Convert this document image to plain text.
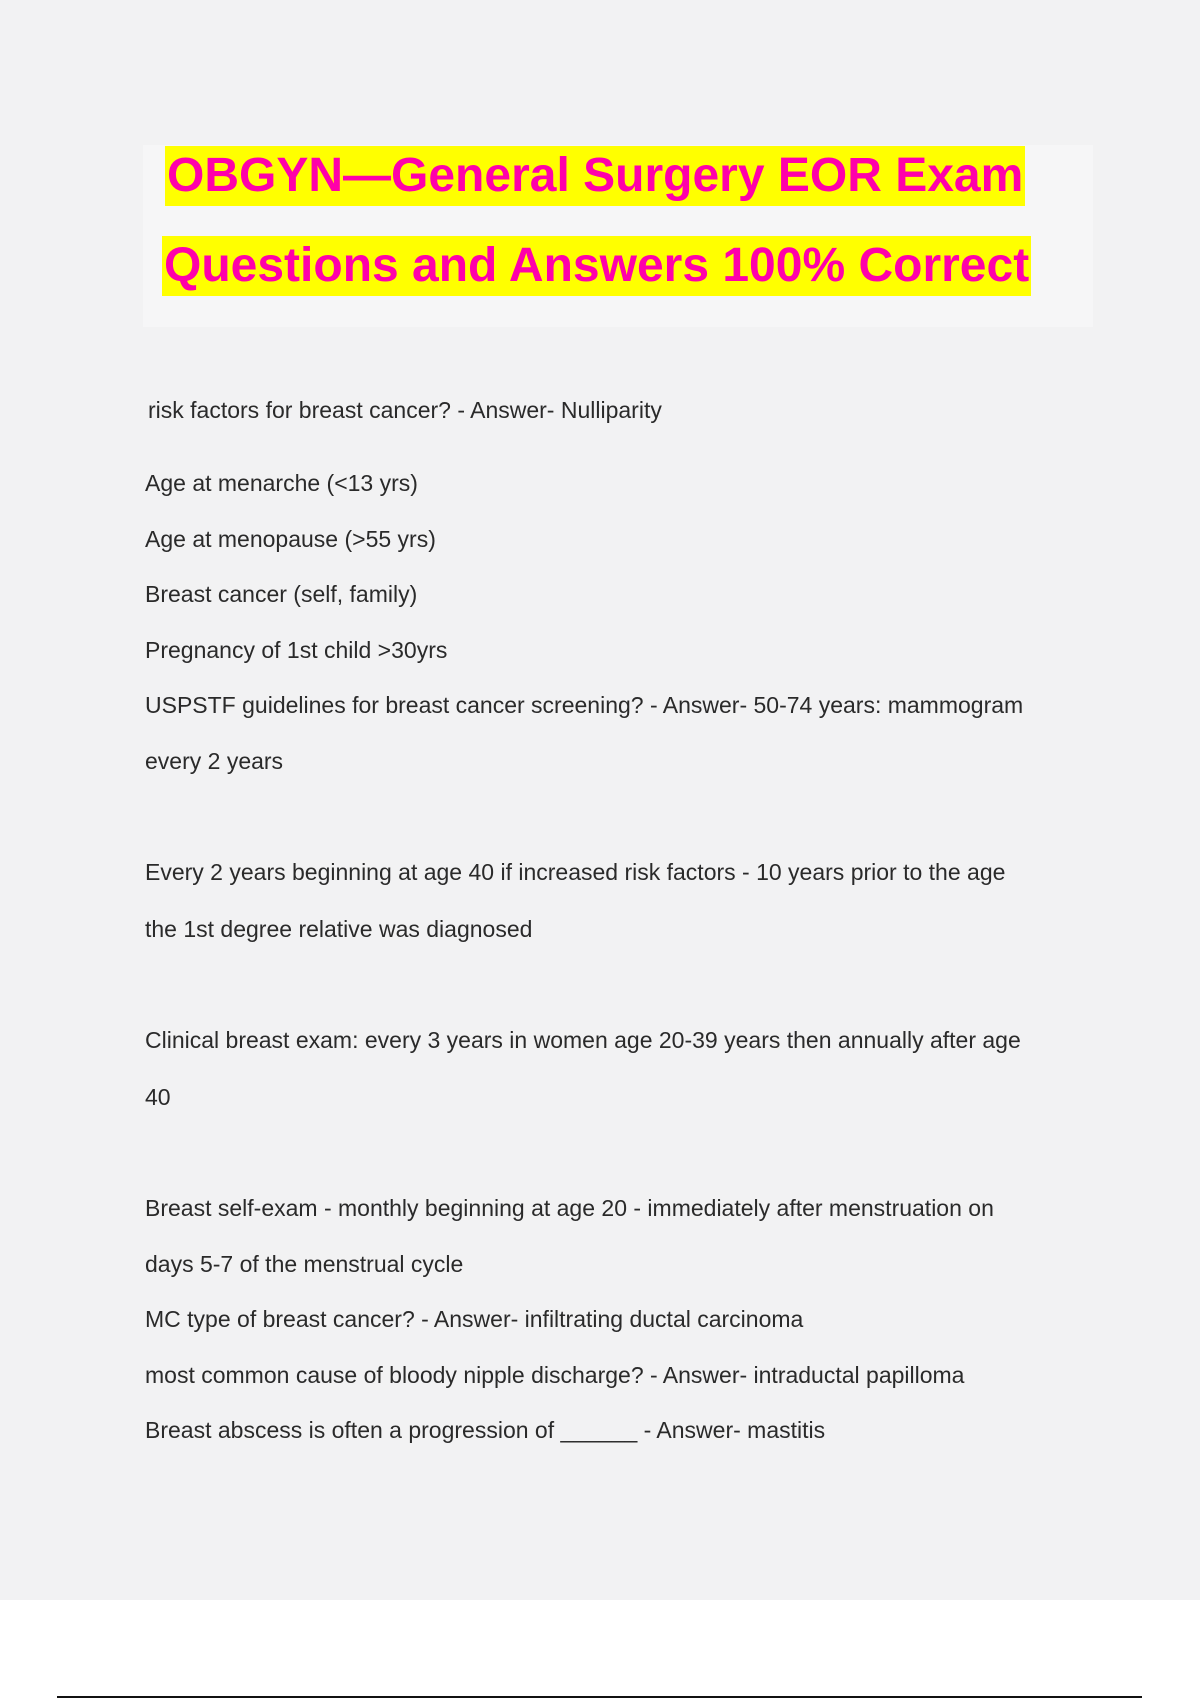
OBGYN—General Surgery EOR Exam
Questions and Answers 100% Correct
risk factors for breast cancer? - Answer- Nulliparity
Age at menarche (<13 yrs)
Age at menopause (>55 yrs)
Breast cancer (self, family)
Pregnancy of 1st child >30yrs
USPSTF guidelines for breast cancer screening? - Answer- 50-74 years: mammogram
every 2 years
Every 2 years beginning at age 40 if increased risk factors - 10 years prior to the age
the 1st degree relative was diagnosed
Clinical breast exam: every 3 years in women age 20-39 years then annually after age
40
Breast self-exam - monthly beginning at age 20 - immediately after menstruation on
days 5-7 of the menstrual cycle
MC type of breast cancer? - Answer- infiltrating ductal carcinoma
most common cause of bloody nipple discharge? - Answer- intraductal papilloma
Breast abscess is often a progression of ______ - Answer- mastitis
